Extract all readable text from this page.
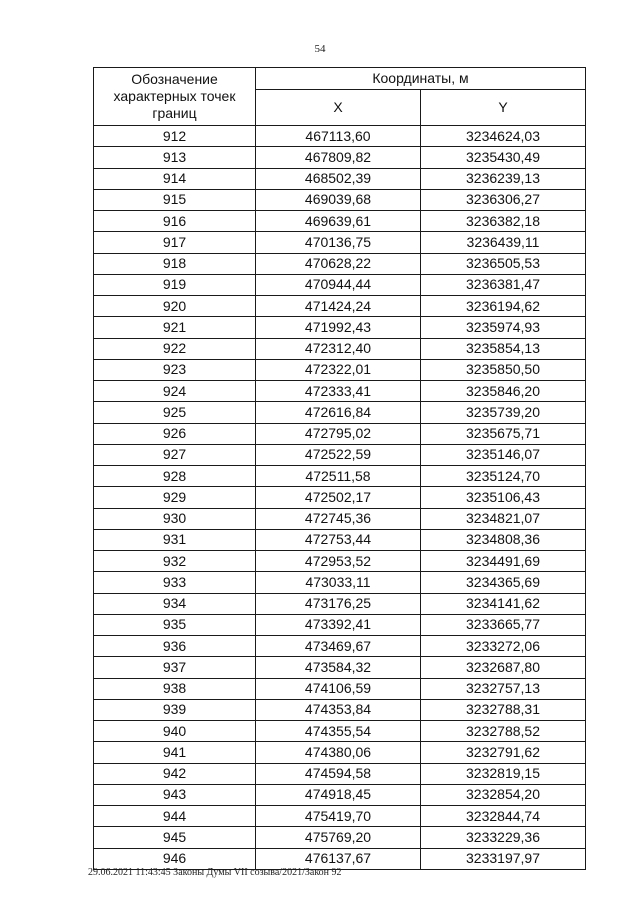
54
Обозначение характерных точек границ	Координаты, м	
	X	Y
912	467113,60	3234624,03
913	467809,82	3235430,49
914	468502,39	3236239,13
915	469039,68	3236306,27
916	469639,61	3236382,18
917	470136,75	3236439,11
918	470628,22	3236505,53
919	470944,44	3236381,47
920	471424,24	3236194,62
921	471992,43	3235974,93
922	472312,40	3235854,13
923	472322,01	3235850,50
924	472333,41	3235846,20
925	472616,84	3235739,20
926	472795,02	3235675,71
927	472522,59	3235146,07
928	472511,58	3235124,70
929	472502,17	3235106,43
930	472745,36	3234821,07
931	472753,44	3234808,36
932	472953,52	3234491,69
933	473033,11	3234365,69
934	473176,25	3234141,62
935	473392,41	3233665,77
936	473469,67	3233272,06
937	473584,32	3232687,80
938	474106,59	3232757,13
939	474353,84	3232788,31
940	474355,54	3232788,52
941	474380,06	3232791,62
942	474594,58	3232819,15
943	474918,45	3232854,20
944	475419,70	3232844,74
945	475769,20	3233229,36
946	476137,67	3233197,97
29.06.2021 11:43:45 Законы Думы VII созыва/2021/Закон 92
